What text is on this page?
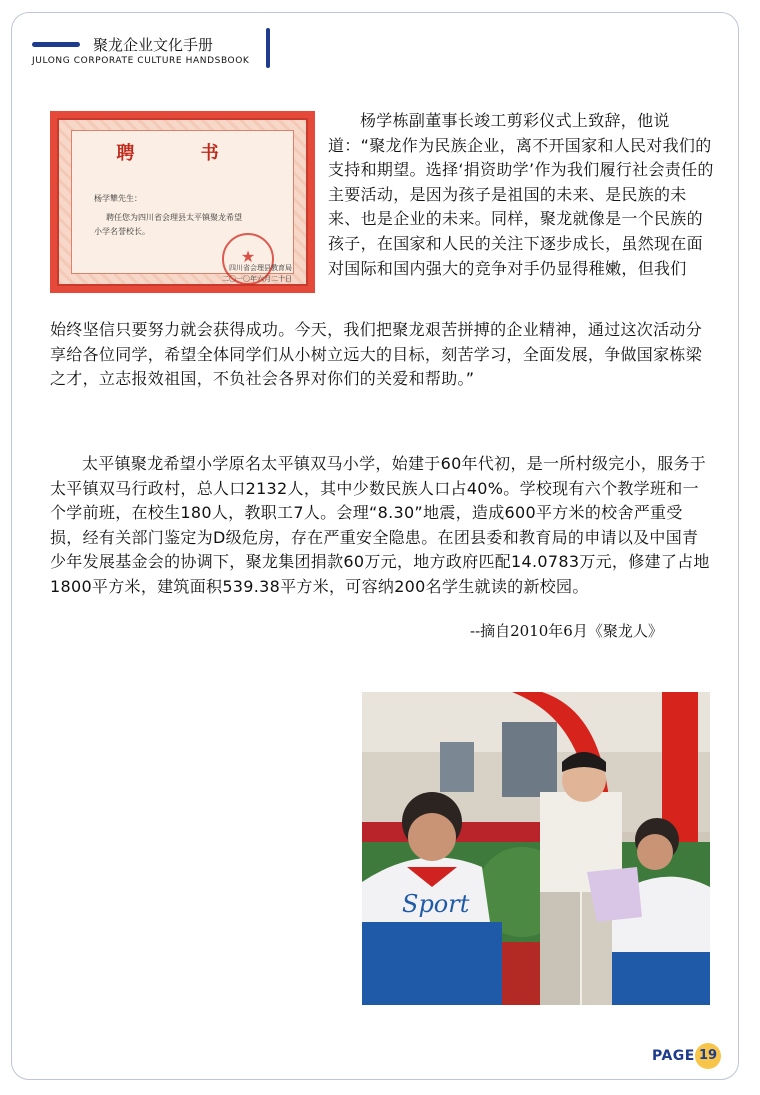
聚龙企业文化手册
JULONG CORPORATE CULTURE HANDSBOOK
聘 书
杨学犨先生：
聘任您为四川省会理县太平镇聚龙希望小学名誉校长。
★
四川省会理县教育局
二〇一〇年六月二十日
杨学栋副董事长竣工剪彩仪式上致辞，他说道：“聚龙作为民族企业，离不开国家和人民对我们的支持和期望。选择‘捐资助学’作为我们履行社会责任的主要活动，是因为孩子是祖国的未来、是民族的未来、也是企业的未来。同样，聚龙就像是一个民族的孩子，在国家和人民的关注下逐步成长，虽然现在面对国际和国内强大的竞争对手仍显得稚嫩，但我们
始终坚信只要努力就会获得成功。今天，我们把聚龙艰苦拼搏的企业精神，通过这次活动分享给各位同学，希望全体同学们从小树立远大的目标，刻苦学习，全面发展，争做国家栋梁之才，立志报效祖国，不负社会各界对你们的关爱和帮助。”
太平镇聚龙希望小学原名太平镇双马小学，始建于60年代初，是一所村级完小，服务于太平镇双马行政村，总人口2132人，其中少数民族人口占40%。学校现有六个教学班和一个学前班，在校生180人，教职工7人。会理“8.30”地震，造成600平方米的校舍严重受损，经有关部门鉴定为D级危房，存在严重安全隐患。在团县委和教育局的申请以及中国青少年发展基金会的协调下，聚龙集团捐款60万元，地方政府匹配14.0783万元，修建了占地1800平方米，建筑面积539.38平方米，可容纳200名学生就读的新校园。
--摘自2010年6月《聚龙人》
Sport
PAGE 19
